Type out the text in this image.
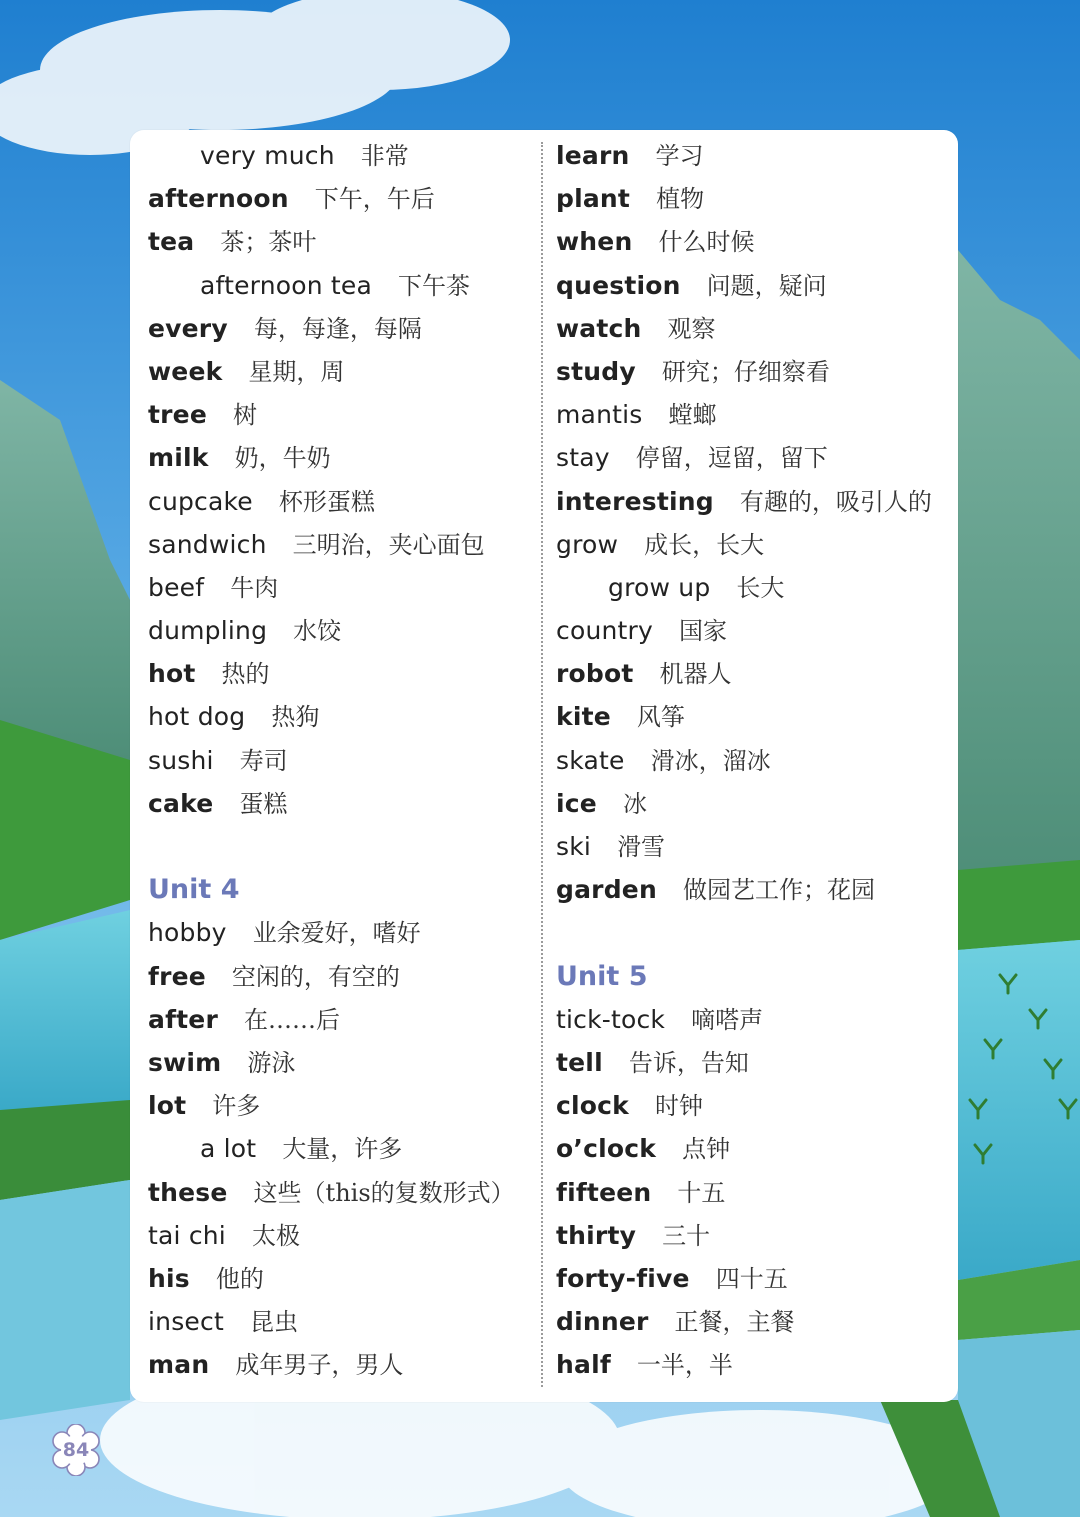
very much 非常
afternoon 下午，午后
tea 茶；茶叶
afternoon tea 下午茶
every 每，每逢，每隔
week 星期，周
tree 树
milk 奶，牛奶
cupcake 杯形蛋糕
sandwich 三明治，夹心面包
beef 牛肉
dumpling 水饺
hot 热的
hot dog 热狗
sushi 寿司
cake 蛋糕
Unit 4
hobby 业余爱好，嗜好
free 空闲的，有空的
after 在……后
swim 游泳
lot 许多
a lot 大量，许多
these 这些（this的复数形式）
tai chi 太极
his 他的
insect 昆虫
man 成年男子，男人
learn 学习
plant 植物
when 什么时候
question 问题，疑问
watch 观察
study 研究；仔细察看
mantis 螳螂
stay 停留，逗留，留下
interesting 有趣的，吸引人的
grow 成长，长大
grow up 长大
country 国家
robot 机器人
kite 风筝
skate 滑冰，溜冰
ice 冰
ski 滑雪
garden 做园艺工作；花园
Unit 5
tick-tock 嘀嗒声
tell 告诉，告知
clock 时钟
o’clock 点钟
fifteen 十五
thirty 三十
forty-five 四十五
dinner 正餐，主餐
half 一半，半
84
